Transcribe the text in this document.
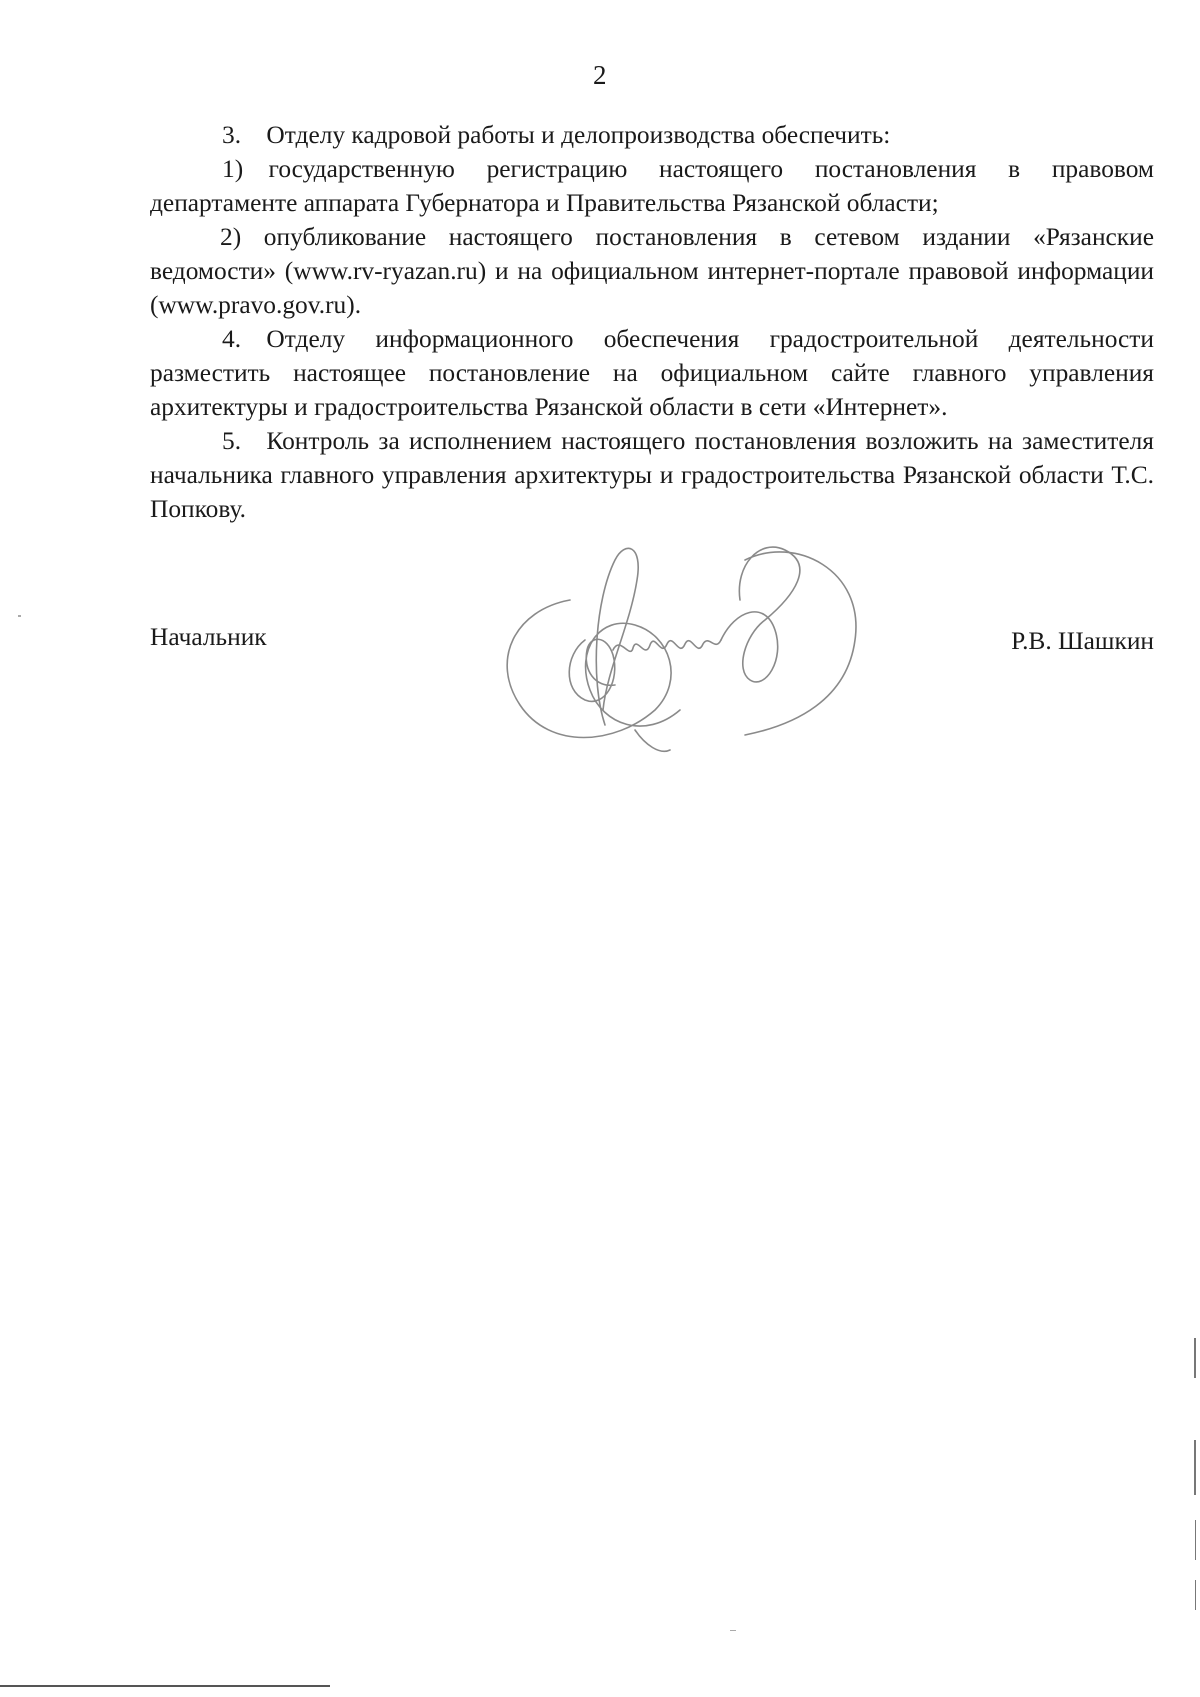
2

3. Отделу кадровой работы и делопроизводства обеспечить:

1) государственную регистрацию настоящего постановления в правовом департаменте аппарата Губернатора и Правительства Рязанской области;

2) опубликование настоящего постановления в сетевом издании «Рязанские ведомости» (www.rv-ryazan.ru) и на официальном интернет-портале правовой информации (www.pravo.gov.ru).

4. Отделу информационного обеспечения градостроительной деятельности разместить настоящее постановление на официальном сайте главного управления архитектуры и градостроительства Рязанской области в сети «Интернет».

5. Контроль за исполнением настоящего постановления возложить на заместителя начальника главного управления архитектуры и градостроительства Рязанской области Т.С. Попкову.

Начальник	Р.В. Шашкин
